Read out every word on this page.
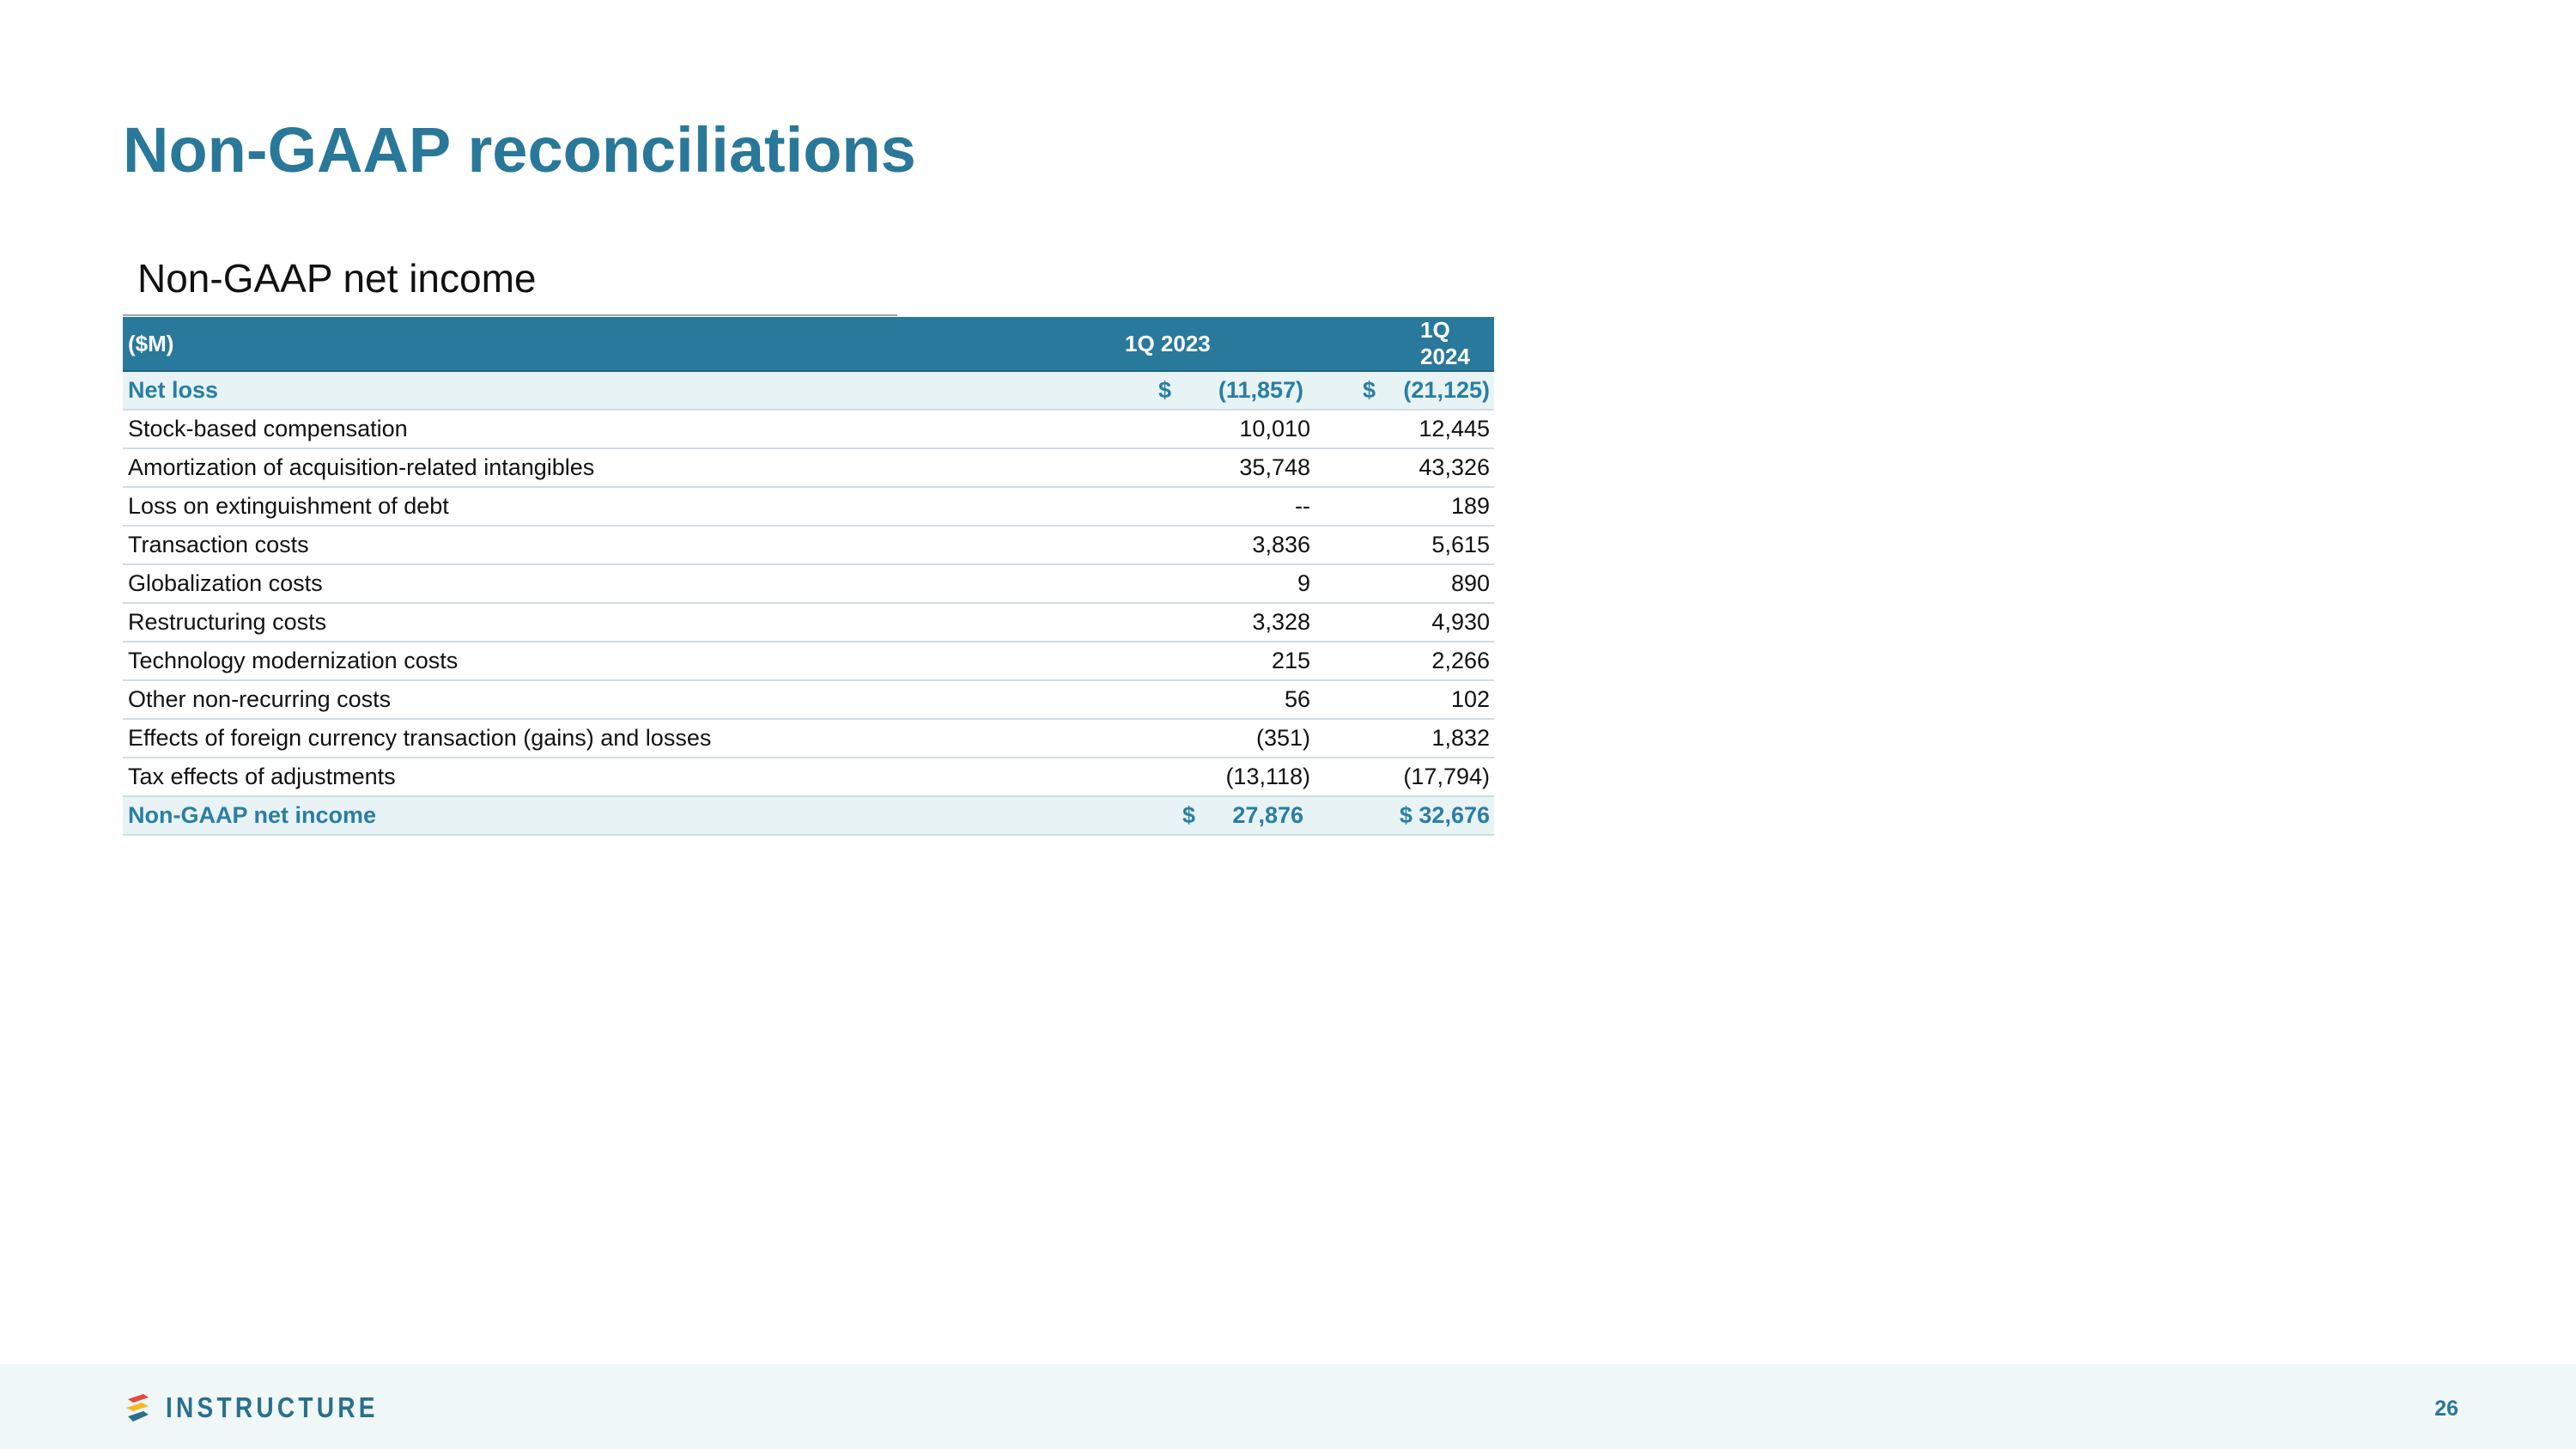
Non-GAAP reconciliations
Non-GAAP net income
($M)	1Q 2023	1Q 2024
Net loss	$ (11,857)	$ (21,125)

Stock-based compensation	10,010	12,445
Amortization of acquisition-related intangibles	35,748	43,326
Loss on extinguishment of debt	--	189
Transaction costs	3,836	5,615
Globalization costs	9	890
Restructuring costs	3,328	4,930
Technology modernization costs	215	2,266
Other non-recurring costs	56	102
Effects of foreign currency transaction (gains) and losses	(351)	1,832
Tax effects of adjustments	(13,118)	(17,794)
Non-GAAP net income	$ 27,876	$ 32,676
INSTRUCTURE	26
